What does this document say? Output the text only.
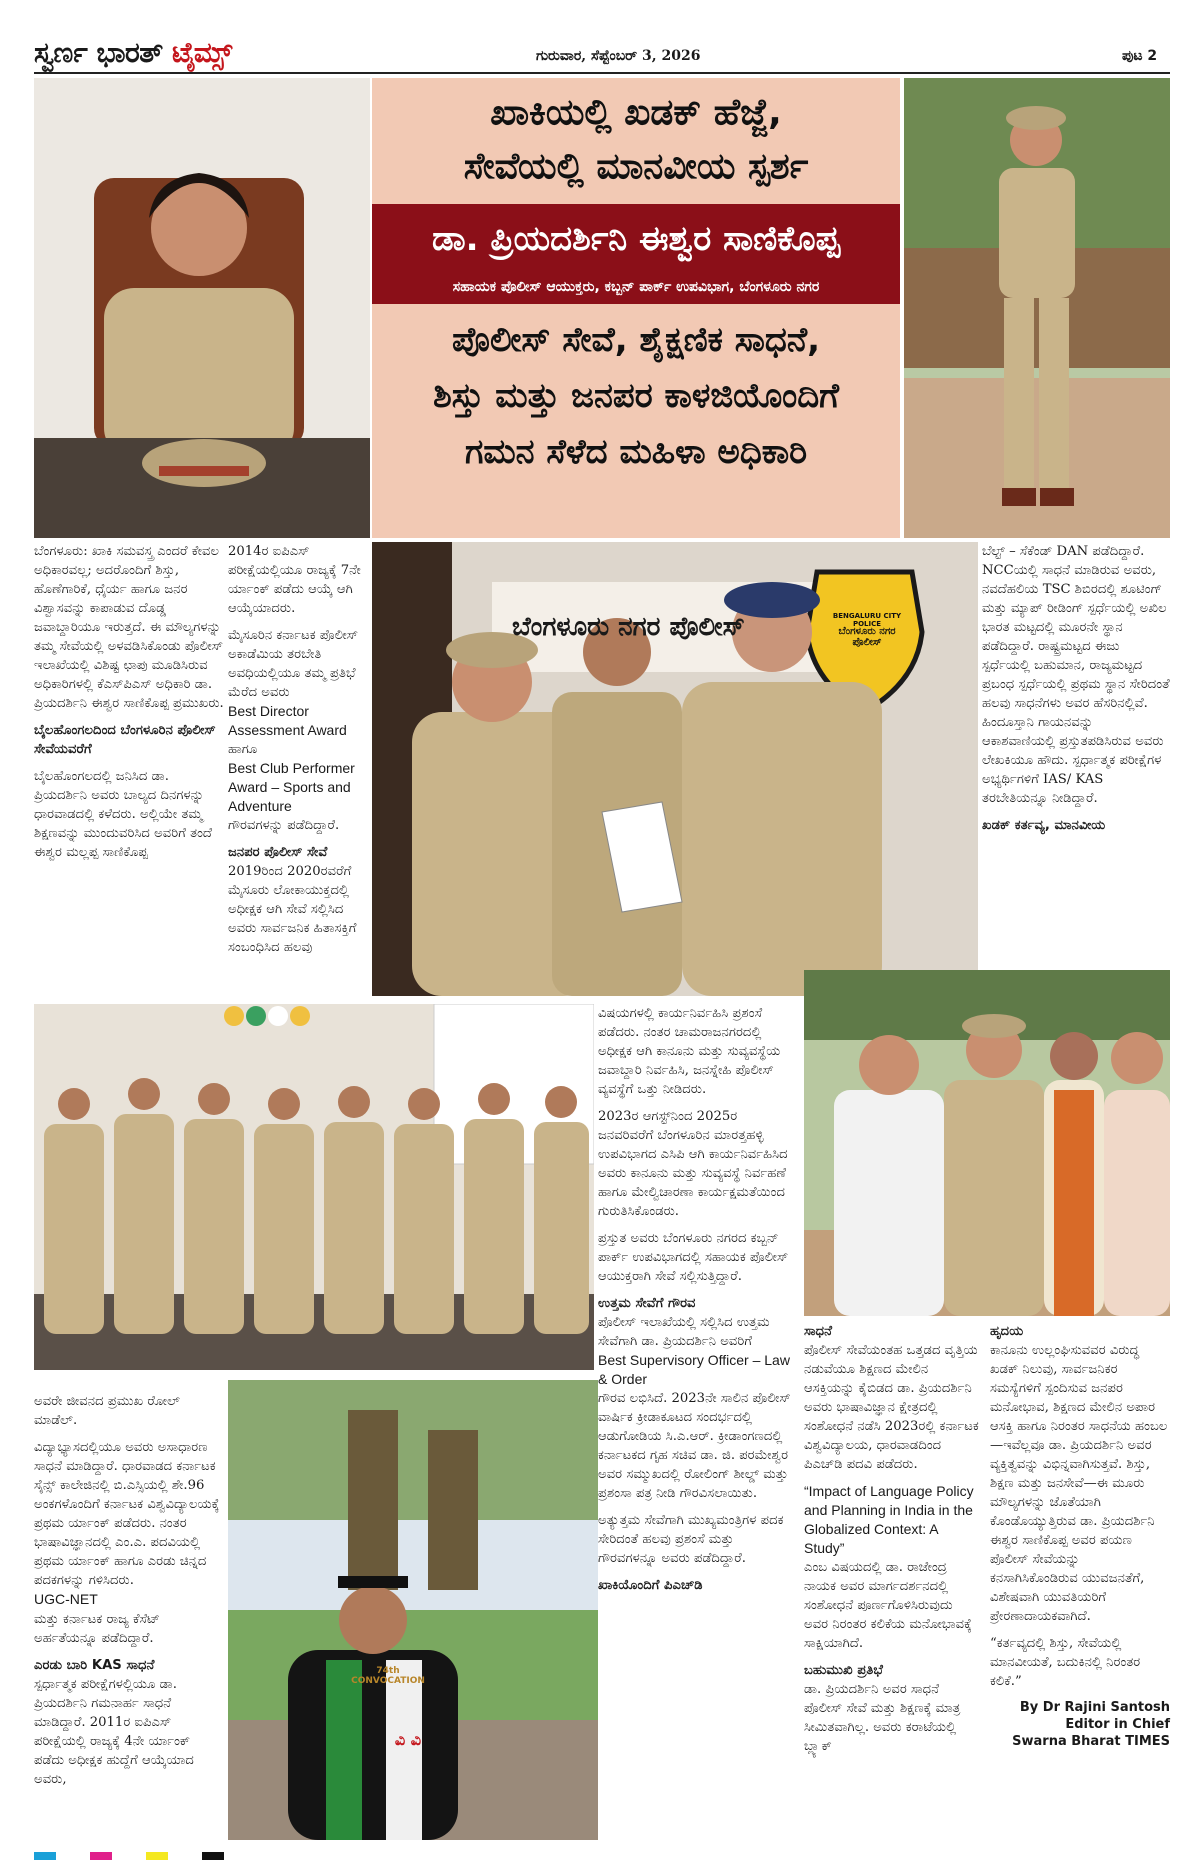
ಸ್ವರ್ಣ ಭಾರತ್ ಟೈಮ್ಸ್	ಗುರುವಾರ, ಸೆಪ್ಟೆಂಬರ್ 3, 2026	ಪುಟ 2
ಖಾಕಿಯಲ್ಲಿ ಖಡಕ್ ಹೆಜ್ಜೆ,
ಸೇವೆಯಲ್ಲಿ ಮಾನವೀಯ ಸ್ಪರ್ಶ
ಡಾ. ಪ್ರಿಯದರ್ಶಿನಿ ಈಶ್ವರ ಸಾಣಿಕೊಪ್ಪ
ಸಹಾಯಕ ಪೊಲೀಸ್ ಆಯುಕ್ತರು, ಕಬ್ಬನ್ ಪಾರ್ಕ್ ಉಪವಿಭಾಗ, ಬೆಂಗಳೂರು ನಗರ
ಪೊಲೀಸ್ ಸೇವೆ, ಶೈಕ್ಷಣಿಕ ಸಾಧನೆ,
ಶಿಸ್ತು ಮತ್ತು ಜನಪರ ಕಾಳಜಿಯೊಂದಿಗೆ
ಗಮನ ಸೆಳೆದ ಮಹಿಳಾ ಅಧಿಕಾರಿ

ಬೆಂಗಳೂರು: ಖಾಕಿ ಸಮವಸ್ತ್ರ ಎಂದರೆ ಕೇವಲ ಅಧಿಕಾರವಲ್ಲ; ಅದರೊಂದಿಗೆ ಶಿಸ್ತು, ಹೊಣೆಗಾರಿಕೆ, ಧೈರ್ಯ ಹಾಗೂ ಜನರ ವಿಶ್ವಾಸವನ್ನು ಕಾಪಾಡುವ ದೊಡ್ಡ ಜವಾಬ್ದಾರಿಯೂ ಇರುತ್ತದೆ. ಈ ಮೌಲ್ಯಗಳನ್ನು ತಮ್ಮ ಸೇವೆಯಲ್ಲಿ ಅಳವಡಿಸಿಕೊಂಡು ಪೊಲೀಸ್ ಇಲಾಖೆಯಲ್ಲಿ ವಿಶಿಷ್ಟ ಛಾಪು ಮೂಡಿಸಿರುವ ಅಧಿಕಾರಿಗಳಲ್ಲಿ ಕೆಎಸ್‌ಪಿಎಸ್ ಅಧಿಕಾರಿ ಡಾ. ಪ್ರಿಯದರ್ಶಿನಿ ಈಶ್ವರ ಸಾಣಿಕೊಪ್ಪ ಪ್ರಮುಖರು.

ಬೈಲಹೊಂಗಲದಿಂದ ಬೆಂಗಳೂರಿನ ಪೊಲೀಸ್ ಸೇವೆಯವರೆಗೆ

ಬೈಲಹೊಂಗಲದಲ್ಲಿ ಜನಿಸಿದ ಡಾ. ಪ್ರಿಯದರ್ಶಿನಿ ಅವರು ಬಾಲ್ಯದ ದಿನಗಳನ್ನು ಧಾರವಾಡದಲ್ಲಿ ಕಳೆದರು. ಅಲ್ಲಿಯೇ ತಮ್ಮ ಶಿಕ್ಷಣವನ್ನು ಮುಂದುವರಿಸಿದ ಅವರಿಗೆ ತಂದೆ ಈಶ್ವರ ಮಲ್ಲಪ್ಪ ಸಾಣಿಕೊಪ್ಪ

2014ರ ಐಪಿಎಸ್ ಪರೀಕ್ಷೆಯಲ್ಲಿಯೂ ರಾಜ್ಯಕ್ಕೆ 7ನೇ ರ್ಯಾಂಕ್ ಪಡೆದು ಆಯ್ಕೆ ಆಗಿ ಆಯ್ಕೆಯಾದರು.

ಮೈಸೂರಿನ ಕರ್ನಾಟಕ ಪೊಲೀಸ್ ಅಕಾಡೆಮಿಯ ತರಬೇತಿ ಅವಧಿಯಲ್ಲಿಯೂ ತಮ್ಮ ಪ್ರತಿಭೆ ಮೆರೆದ ಅವರು

Best Director Assessment Award
ಹಾಗೂ
Best Club Performer Award – Sports and Adventure

ಗೌರವಗಳನ್ನು ಪಡೆದಿದ್ದಾರೆ.

ಜನಪರ ಪೊಲೀಸ್ ಸೇವೆ

2019ರಿಂದ 2020ರವರೆಗೆ ಮೈಸೂರು ಲೋಕಾಯುಕ್ತದಲ್ಲಿ ಅಧೀಕ್ಷಕ ಆಗಿ ಸೇವೆ ಸಲ್ಲಿಸಿದ ಅವರು ಸಾರ್ವಜನಿಕ ಹಿತಾಸಕ್ತಿಗೆ ಸಂಬಂಧಿಸಿದ ಹಲವು

BENGALURU CITY POLICE
ಬೆಂಗಳೂರು ನಗರ ಪೊಲೀಸ್
ಬೆಂಗಳೂರು ನಗರ ಪೊಲೀಸ್

ಬೆಲ್ಟ್ – ಸೆಕೆಂಡ್ DAN ಪಡೆದಿದ್ದಾರೆ. NCCಯಲ್ಲಿ ಸಾಧನೆ ಮಾಡಿರುವ ಅವರು, ನವದೆಹಲಿಯ TSC ಶಿಬಿರದಲ್ಲಿ ಶೂಟಿಂಗ್ ಮತ್ತು ಮ್ಯಾಪ್ ರೀಡಿಂಗ್ ಸ್ಪರ್ಧೆಯಲ್ಲಿ ಅಖಿಲ ಭಾರತ ಮಟ್ಟದಲ್ಲಿ ಮೂರನೇ ಸ್ಥಾನ ಪಡೆದಿದ್ದಾರೆ. ರಾಷ್ಟ್ರಮಟ್ಟದ ಈಜು ಸ್ಪರ್ಧೆಯಲ್ಲಿ ಬಹುಮಾನ, ರಾಜ್ಯಮಟ್ಟದ ಪ್ರಬಂಧ ಸ್ಪರ್ಧೆಯಲ್ಲಿ ಪ್ರಥಮ ಸ್ಥಾನ ಸೇರಿದಂತೆ ಹಲವು ಸಾಧನೆಗಳು ಅವರ ಹೆಸರಿನಲ್ಲಿವೆ. ಹಿಂದೂಸ್ತಾನಿ ಗಾಯನವನ್ನು ಆಕಾಶವಾಣಿಯಲ್ಲಿ ಪ್ರಸ್ತುತಪಡಿಸಿರುವ ಅವರು ಲೇಖಕಿಯೂ ಹೌದು. ಸ್ಪರ್ಧಾತ್ಮಕ ಪರೀಕ್ಷೆಗಳ ಅಭ್ಯರ್ಥಿಗಳಿಗೆ IAS/ KAS ತರಬೇತಿಯನ್ನೂ ನೀಡಿದ್ದಾರೆ.

ಖಡಕ್ ಕರ್ತವ್ಯ, ಮಾನವೀಯ

ವಿಷಯಗಳಲ್ಲಿ ಕಾರ್ಯನಿರ್ವಹಿಸಿ ಪ್ರಶಂಸೆ ಪಡೆದರು. ನಂತರ ಚಾಮರಾಜನಗರದಲ್ಲಿ ಅಧೀಕ್ಷಕ ಆಗಿ ಕಾನೂನು ಮತ್ತು ಸುವ್ಯವಸ್ಥೆಯ ಜವಾಬ್ದಾರಿ ನಿರ್ವಹಿಸಿ, ಜನಸ್ನೇಹಿ ಪೊಲೀಸ್ ವ್ಯವಸ್ಥೆಗೆ ಒತ್ತು ನೀಡಿದರು.

2023ರ ಆಗಸ್ಟ್‌ನಿಂದ 2025ರ ಜನವರಿವರೆಗೆ ಬೆಂಗಳೂರಿನ ಮಾರತ್ತಹಳ್ಳಿ ಉಪವಿಭಾಗದ ಎಸಿಪಿ ಆಗಿ ಕಾರ್ಯನಿರ್ವಹಿಸಿದ ಅವರು ಕಾನೂನು ಮತ್ತು ಸುವ್ಯವಸ್ಥೆ ನಿರ್ವಹಣೆ ಹಾಗೂ ಮೇಲ್ವಿಚಾರಣಾ ಕಾರ್ಯಕ್ಷಮತೆಯಿಂದ ಗುರುತಿಸಿಕೊಂಡರು.

ಪ್ರಸ್ತುತ ಅವರು ಬೆಂಗಳೂರು ನಗರದ ಕಬ್ಬನ್ ಪಾರ್ಕ್ ಉಪವಿಭಾಗದಲ್ಲಿ ಸಹಾಯಕ ಪೊಲೀಸ್ ಆಯುಕ್ತರಾಗಿ ಸೇವೆ ಸಲ್ಲಿಸುತ್ತಿದ್ದಾರೆ.

ಉತ್ತಮ ಸೇವೆಗೆ ಗೌರವ

ಪೊಲೀಸ್ ಇಲಾಖೆಯಲ್ಲಿ ಸಲ್ಲಿಸಿದ ಉತ್ತಮ ಸೇವೆಗಾಗಿ ಡಾ. ಪ್ರಿಯದರ್ಶಿನಿ ಅವರಿಗೆ
Best Supervisory Officer – Law & Order

ಗೌರವ ಲಭಿಸಿದೆ. 2023ನೇ ಸಾಲಿನ ಪೊಲೀಸ್ ವಾರ್ಷಿಕ ಕ್ರೀಡಾಕೂಟದ ಸಂದರ್ಭದಲ್ಲಿ ಆಡುಗೋಡಿಯ ಸಿ.ಎ.ಆರ್. ಕ್ರೀಡಾಂಗಣದಲ್ಲಿ ಕರ್ನಾಟಕದ ಗೃಹ ಸಚಿವ ಡಾ. ಜಿ. ಪರಮೇಶ್ವರ ಅವರ ಸಮ್ಮುಖದಲ್ಲಿ ರೋಲಿಂಗ್ ಶೀಲ್ಡ್ ಮತ್ತು ಪ್ರಶಂಸಾ ಪತ್ರ ನೀಡಿ ಗೌರವಿಸಲಾಯಿತು.

ಅತ್ಯುತ್ತಮ ಸೇವೆಗಾಗಿ ಮುಖ್ಯಮಂತ್ರಿಗಳ ಪದಕ ಸೇರಿದಂತೆ ಹಲವು ಪ್ರಶಂಸೆ ಮತ್ತು ಗೌರವಗಳನ್ನೂ ಅವರು ಪಡೆದಿದ್ದಾರೆ.

ಖಾಕಿಯೊಂದಿಗೆ ಪಿಎಚ್‌ಡಿ

ಅವರೇ ಜೀವನದ ಪ್ರಮುಖ ರೋಲ್ ಮಾಡೆಲ್.

ವಿದ್ಯಾಭ್ಯಾಸದಲ್ಲಿಯೂ ಅವರು ಅಸಾಧಾರಣ ಸಾಧನೆ ಮಾಡಿದ್ದಾರೆ. ಧಾರವಾಡದ ಕರ್ನಾಟಕ ಸೈನ್ಸ್ ಕಾಲೇಜಿನಲ್ಲಿ ಬಿ.ಎಸ್ಸಿಯಲ್ಲಿ ಶೇ.96 ಅಂಕಗಳೊಂದಿಗೆ ಕರ್ನಾಟಕ ವಿಶ್ವವಿದ್ಯಾಲಯಕ್ಕೆ ಪ್ರಥಮ ರ್ಯಾಂಕ್ ಪಡೆದರು. ನಂತರ ಭಾಷಾವಿಜ್ಞಾನದಲ್ಲಿ ಎಂ.ಎ. ಪದವಿಯಲ್ಲಿ ಪ್ರಥಮ ರ್ಯಾಂಕ್ ಹಾಗೂ ಎರಡು ಚಿನ್ನದ ಪದಕಗಳನ್ನು ಗಳಿಸಿದರು.

UGC-NET

ಮತ್ತು ಕರ್ನಾಟಕ ರಾಜ್ಯ ಕೆಸೆಟ್ ಅರ್ಹತೆಯನ್ನೂ ಪಡೆದಿದ್ದಾರೆ.

ಎರಡು ಬಾರಿ KAS ಸಾಧನೆ

ಸ್ಪರ್ಧಾತ್ಮಕ ಪರೀಕ್ಷೆಗಳಲ್ಲಿಯೂ ಡಾ. ಪ್ರಿಯದರ್ಶಿನಿ ಗಮನಾರ್ಹ ಸಾಧನೆ ಮಾಡಿದ್ದಾರೆ. 2011ರ ಐಪಿಎಸ್ ಪರೀಕ್ಷೆಯಲ್ಲಿ ರಾಜ್ಯಕ್ಕೆ 4ನೇ ರ್ಯಾಂಕ್ ಪಡೆದು ಅಧೀಕ್ಷಕ ಹುದ್ದೆಗೆ ಆಯ್ಕೆಯಾದ ಅವರು,

74th CONVOCATION
ವಿ ವಿ

ಸಾಧನೆ

ಪೊಲೀಸ್ ಸೇವೆಯಂತಹ ಒತ್ತಡದ ವೃತ್ತಿಯ ನಡುವೆಯೂ ಶಿಕ್ಷಣದ ಮೇಲಿನ ಆಸಕ್ತಿಯನ್ನು ಕೈಬಿಡದ ಡಾ. ಪ್ರಿಯದರ್ಶಿನಿ ಅವರು ಭಾಷಾವಿಜ್ಞಾನ ಕ್ಷೇತ್ರದಲ್ಲಿ ಸಂಶೋಧನೆ ನಡೆಸಿ 2023ರಲ್ಲಿ ಕರ್ನಾಟಕ ವಿಶ್ವವಿದ್ಯಾಲಯ, ಧಾರವಾಡದಿಂದ ಪಿಎಚ್‌ಡಿ ಪದವಿ ಪಡೆದರು.

“Impact of Language Policy and Planning in India in the Globalized Context: A Study”

ಎಂಬ ವಿಷಯದಲ್ಲಿ ಡಾ. ರಾಜೇಂದ್ರ ನಾಯಕ ಅವರ ಮಾರ್ಗದರ್ಶನದಲ್ಲಿ ಸಂಶೋಧನೆ ಪೂರ್ಣಗೊಳಿಸಿರುವುದು ಅವರ ನಿರಂತರ ಕಲಿಕೆಯ ಮನೋಭಾವಕ್ಕೆ ಸಾಕ್ಷಿಯಾಗಿದೆ.

ಬಹುಮುಖಿ ಪ್ರತಿಭೆ

ಡಾ. ಪ್ರಿಯದರ್ಶಿನಿ ಅವರ ಸಾಧನೆ ಪೊಲೀಸ್ ಸೇವೆ ಮತ್ತು ಶಿಕ್ಷಣಕ್ಕೆ ಮಾತ್ರ ಸೀಮಿತವಾಗಿಲ್ಲ. ಅವರು ಕರಾಟೆಯಲ್ಲಿ ಬ್ಲ್ಯಾಕ್

ಹೃದಯ

ಕಾನೂನು ಉಲ್ಲಂಘಿಸುವವರ ವಿರುದ್ಧ ಖಡಕ್ ನಿಲುವು, ಸಾರ್ವಜನಿಕರ ಸಮಸ್ಯೆಗಳಿಗೆ ಸ್ಪಂದಿಸುವ ಜನಪರ ಮನೋಭಾವ, ಶಿಕ್ಷಣದ ಮೇಲಿನ ಅಪಾರ ಆಸಕ್ತಿ ಹಾಗೂ ನಿರಂತರ ಸಾಧನೆಯ ಹಂಬಲ—ಇವೆಲ್ಲವೂ ಡಾ. ಪ್ರಿಯದರ್ಶಿನಿ ಅವರ ವ್ಯಕ್ತಿತ್ವವನ್ನು ವಿಭಿನ್ನವಾಗಿಸುತ್ತವೆ. ಶಿಸ್ತು, ಶಿಕ್ಷಣ ಮತ್ತು ಜನಸೇವೆ—ಈ ಮೂರು ಮೌಲ್ಯಗಳನ್ನು ಜೊತೆಯಾಗಿ ಕೊಂಡೊಯ್ಯುತ್ತಿರುವ ಡಾ. ಪ್ರಿಯದರ್ಶಿನಿ ಈಶ್ವರ ಸಾಣಿಕೊಪ್ಪ ಅವರ ಪಯಣ ಪೊಲೀಸ್ ಸೇವೆಯನ್ನು ಕನಸಾಗಿಸಿಕೊಂಡಿರುವ ಯುವಜನತೆಗೆ, ವಿಶೇಷವಾಗಿ ಯುವತಿಯರಿಗೆ ಪ್ರೇರಣಾದಾಯಕವಾಗಿದೆ.

“ಕರ್ತವ್ಯದಲ್ಲಿ ಶಿಸ್ತು, ಸೇವೆಯಲ್ಲಿ ಮಾನವೀಯತೆ, ಬದುಕಿನಲ್ಲಿ ನಿರಂತರ ಕಲಿಕೆ.”

By Dr Rajini Santosh
Editor in Chief
Swarna Bharat TIMES
